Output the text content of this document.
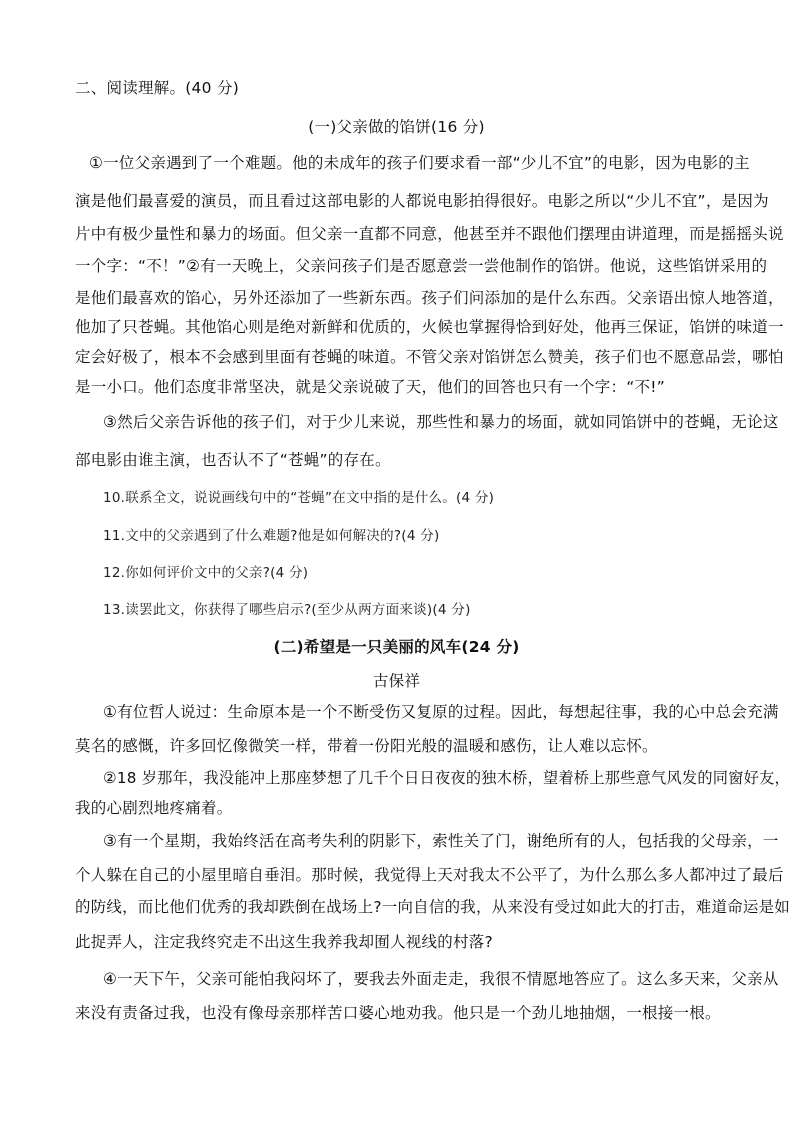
二、阅读理解。(40 分)
(一)父亲做的馅饼(16 分)
①一位父亲遇到了一个难题。他的未成年的孩子们要求看一部“少儿不宜”的电影，因为电影的主
演是他们最喜爱的演员，而且看过这部电影的人都说电影拍得很好。电影之所以“少儿不宜”，是因为
片中有极少量性和暴力的场面。但父亲一直都不同意，他甚至并不跟他们摆理由讲道理，而是摇摇头说
一个字：“不！”②有一天晚上，父亲问孩子们是否愿意尝一尝他制作的馅饼。他说，这些馅饼采用的
是他们最喜欢的馅心，另外还添加了一些新东西。孩子们问添加的是什么东西。父亲语出惊人地答道，
他加了只苍蝇。其他馅心则是绝对新鲜和优质的，火候也掌握得恰到好处，他再三保证，馅饼的味道一
定会好极了，根本不会感到里面有苍蝇的味道。不管父亲对馅饼怎么赞美，孩子们也不愿意品尝，哪怕
是一小口。他们态度非常坚决，就是父亲说破了天，他们的回答也只有一个字：“不!”
③然后父亲告诉他的孩子们，对于少儿来说，那些性和暴力的场面，就如同馅饼中的苍蝇，无论这
部电影由谁主演，也否认不了“苍蝇”的存在。
10.联系全文，说说画线句中的“苍蝇”在文中指的是什么。(4 分)
11.文中的父亲遇到了什么难题?他是如何解决的?(4 分)
12.你如何评价文中的父亲?(4 分)
13.读罢此文，你获得了哪些启示?(至少从两方面来谈)(4 分)
(二)希望是一只美丽的风车(24 分)
古保祥
①有位哲人说过：生命原本是一个不断受伤又复原的过程。因此，每想起往事，我的心中总会充满
莫名的感慨，许多回忆像微笑一样，带着一份阳光般的温暖和感伤，让人难以忘怀。
②18 岁那年，我没能冲上那座梦想了几千个日日夜夜的独木桥，望着桥上那些意气风发的同窗好友，
我的心剧烈地疼痛着。
③有一个星期，我始终活在高考失利的阴影下，索性关了门，谢绝所有的人，包括我的父母亲，一
个人躲在自己的小屋里暗自垂泪。那时候，我觉得上天对我太不公平了，为什么那么多人都冲过了最后
的防线，而比他们优秀的我却跌倒在战场上?一向自信的我，从来没有受过如此大的打击，难道命运是如
此捉弄人，注定我终究走不出这生我养我却囿人视线的村落?
④一天下午，父亲可能怕我闷坏了，要我去外面走走，我很不情愿地答应了。这么多天来，父亲从
来没有责备过我，也没有像母亲那样苦口婆心地劝我。他只是一个劲儿地抽烟，一根接一根。
